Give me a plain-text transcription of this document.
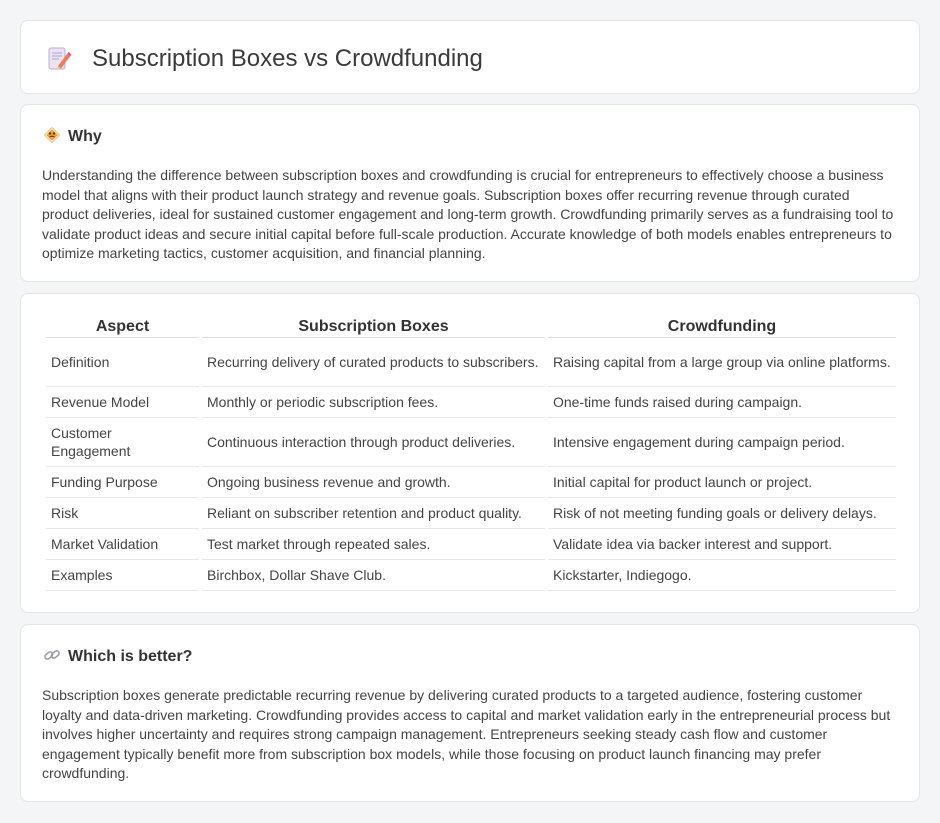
Subscription Boxes vs Crowdfunding
Why

Understanding the difference between subscription boxes and crowdfunding is crucial for entrepreneurs to effectively choose a business model that aligns with their product launch strategy and revenue goals. Subscription boxes offer recurring revenue through curated product deliveries, ideal for sustained customer engagement and long-term growth. Crowdfunding primarily serves as a fundraising tool to validate product ideas and secure initial capital before full-scale production. Accurate knowledge of both models enables entrepreneurs to optimize marketing tactics, customer acquisition, and financial planning.

Aspect	Subscription Boxes	Crowdfunding
Definition	Recurring delivery of curated products to subscribers.	Raising capital from a large group via online platforms.
Revenue Model	Monthly or periodic subscription fees.	One-time funds raised during campaign.
Customer Engagement	Continuous interaction through product deliveries.	Intensive engagement during campaign period.
Funding Purpose	Ongoing business revenue and growth.	Initial capital for product launch or project.
Risk	Reliant on subscriber retention and product quality.	Risk of not meeting funding goals or delivery delays.
Market Validation	Test market through repeated sales.	Validate idea via backer interest and support.
Examples	Birchbox, Dollar Shave Club.	Kickstarter, Indiegogo.
Which is better?

Subscription boxes generate predictable recurring revenue by delivering curated products to a targeted audience, fostering customer loyalty and data-driven marketing. Crowdfunding provides access to capital and market validation early in the entrepreneurial process but involves higher uncertainty and requires strong campaign management. Entrepreneurs seeking steady cash flow and customer engagement typically benefit more from subscription box models, while those focusing on product launch financing may prefer crowdfunding.
